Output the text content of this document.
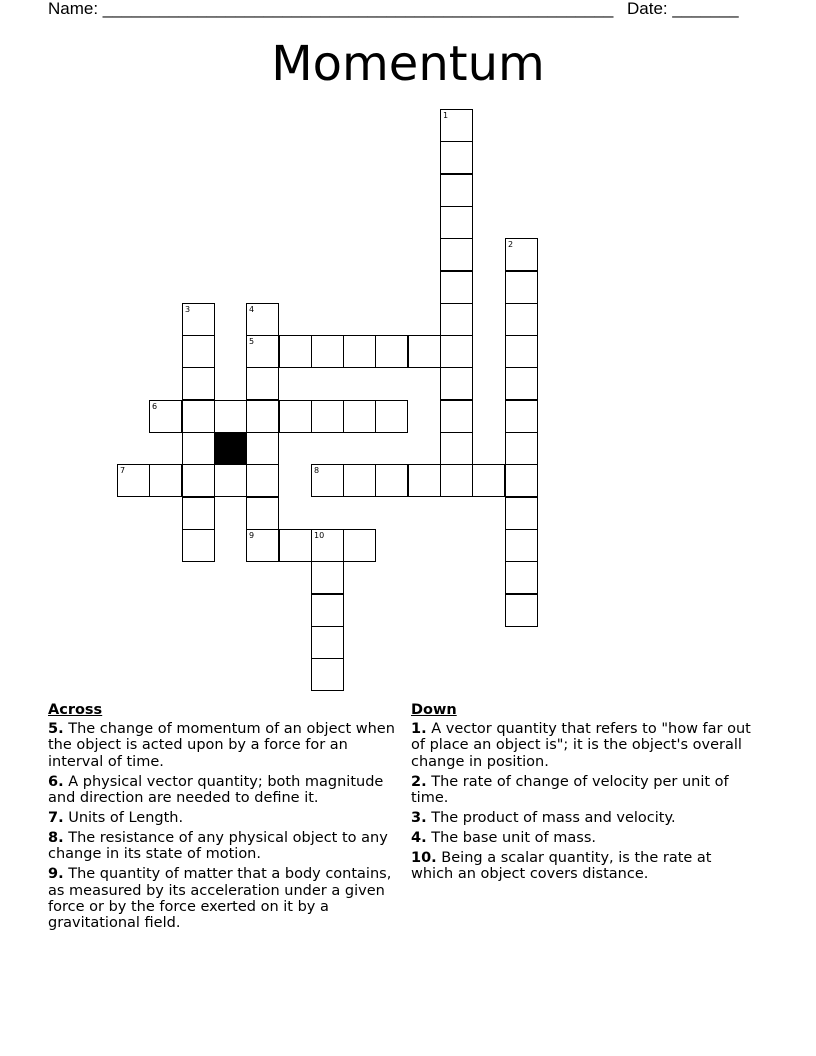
Name: ______________________________________________________ Date: _______
Momentum
1
2
3	4
5
9
6
7	8
10
Across
5. The change of momentum of an object when the object is acted upon by a force for an interval of time.
6. A physical vector quantity; both magnitude and direction are needed to define it.
7. Units of Length.
8. The resistance of any physical object to any change in its state of motion.
9. The quantity of matter that a body contains, as measured by its acceleration under a given force or by the force exerted on it by a gravitational field.
Down
1. A vector quantity that refers to "how far out of place an object is"; it is the object's overall change in position.
2. The rate of change of velocity per unit of time.
3. The product of mass and velocity.
4. The base unit of mass.
10. Being a scalar quantity, is the rate at which an object covers distance.
